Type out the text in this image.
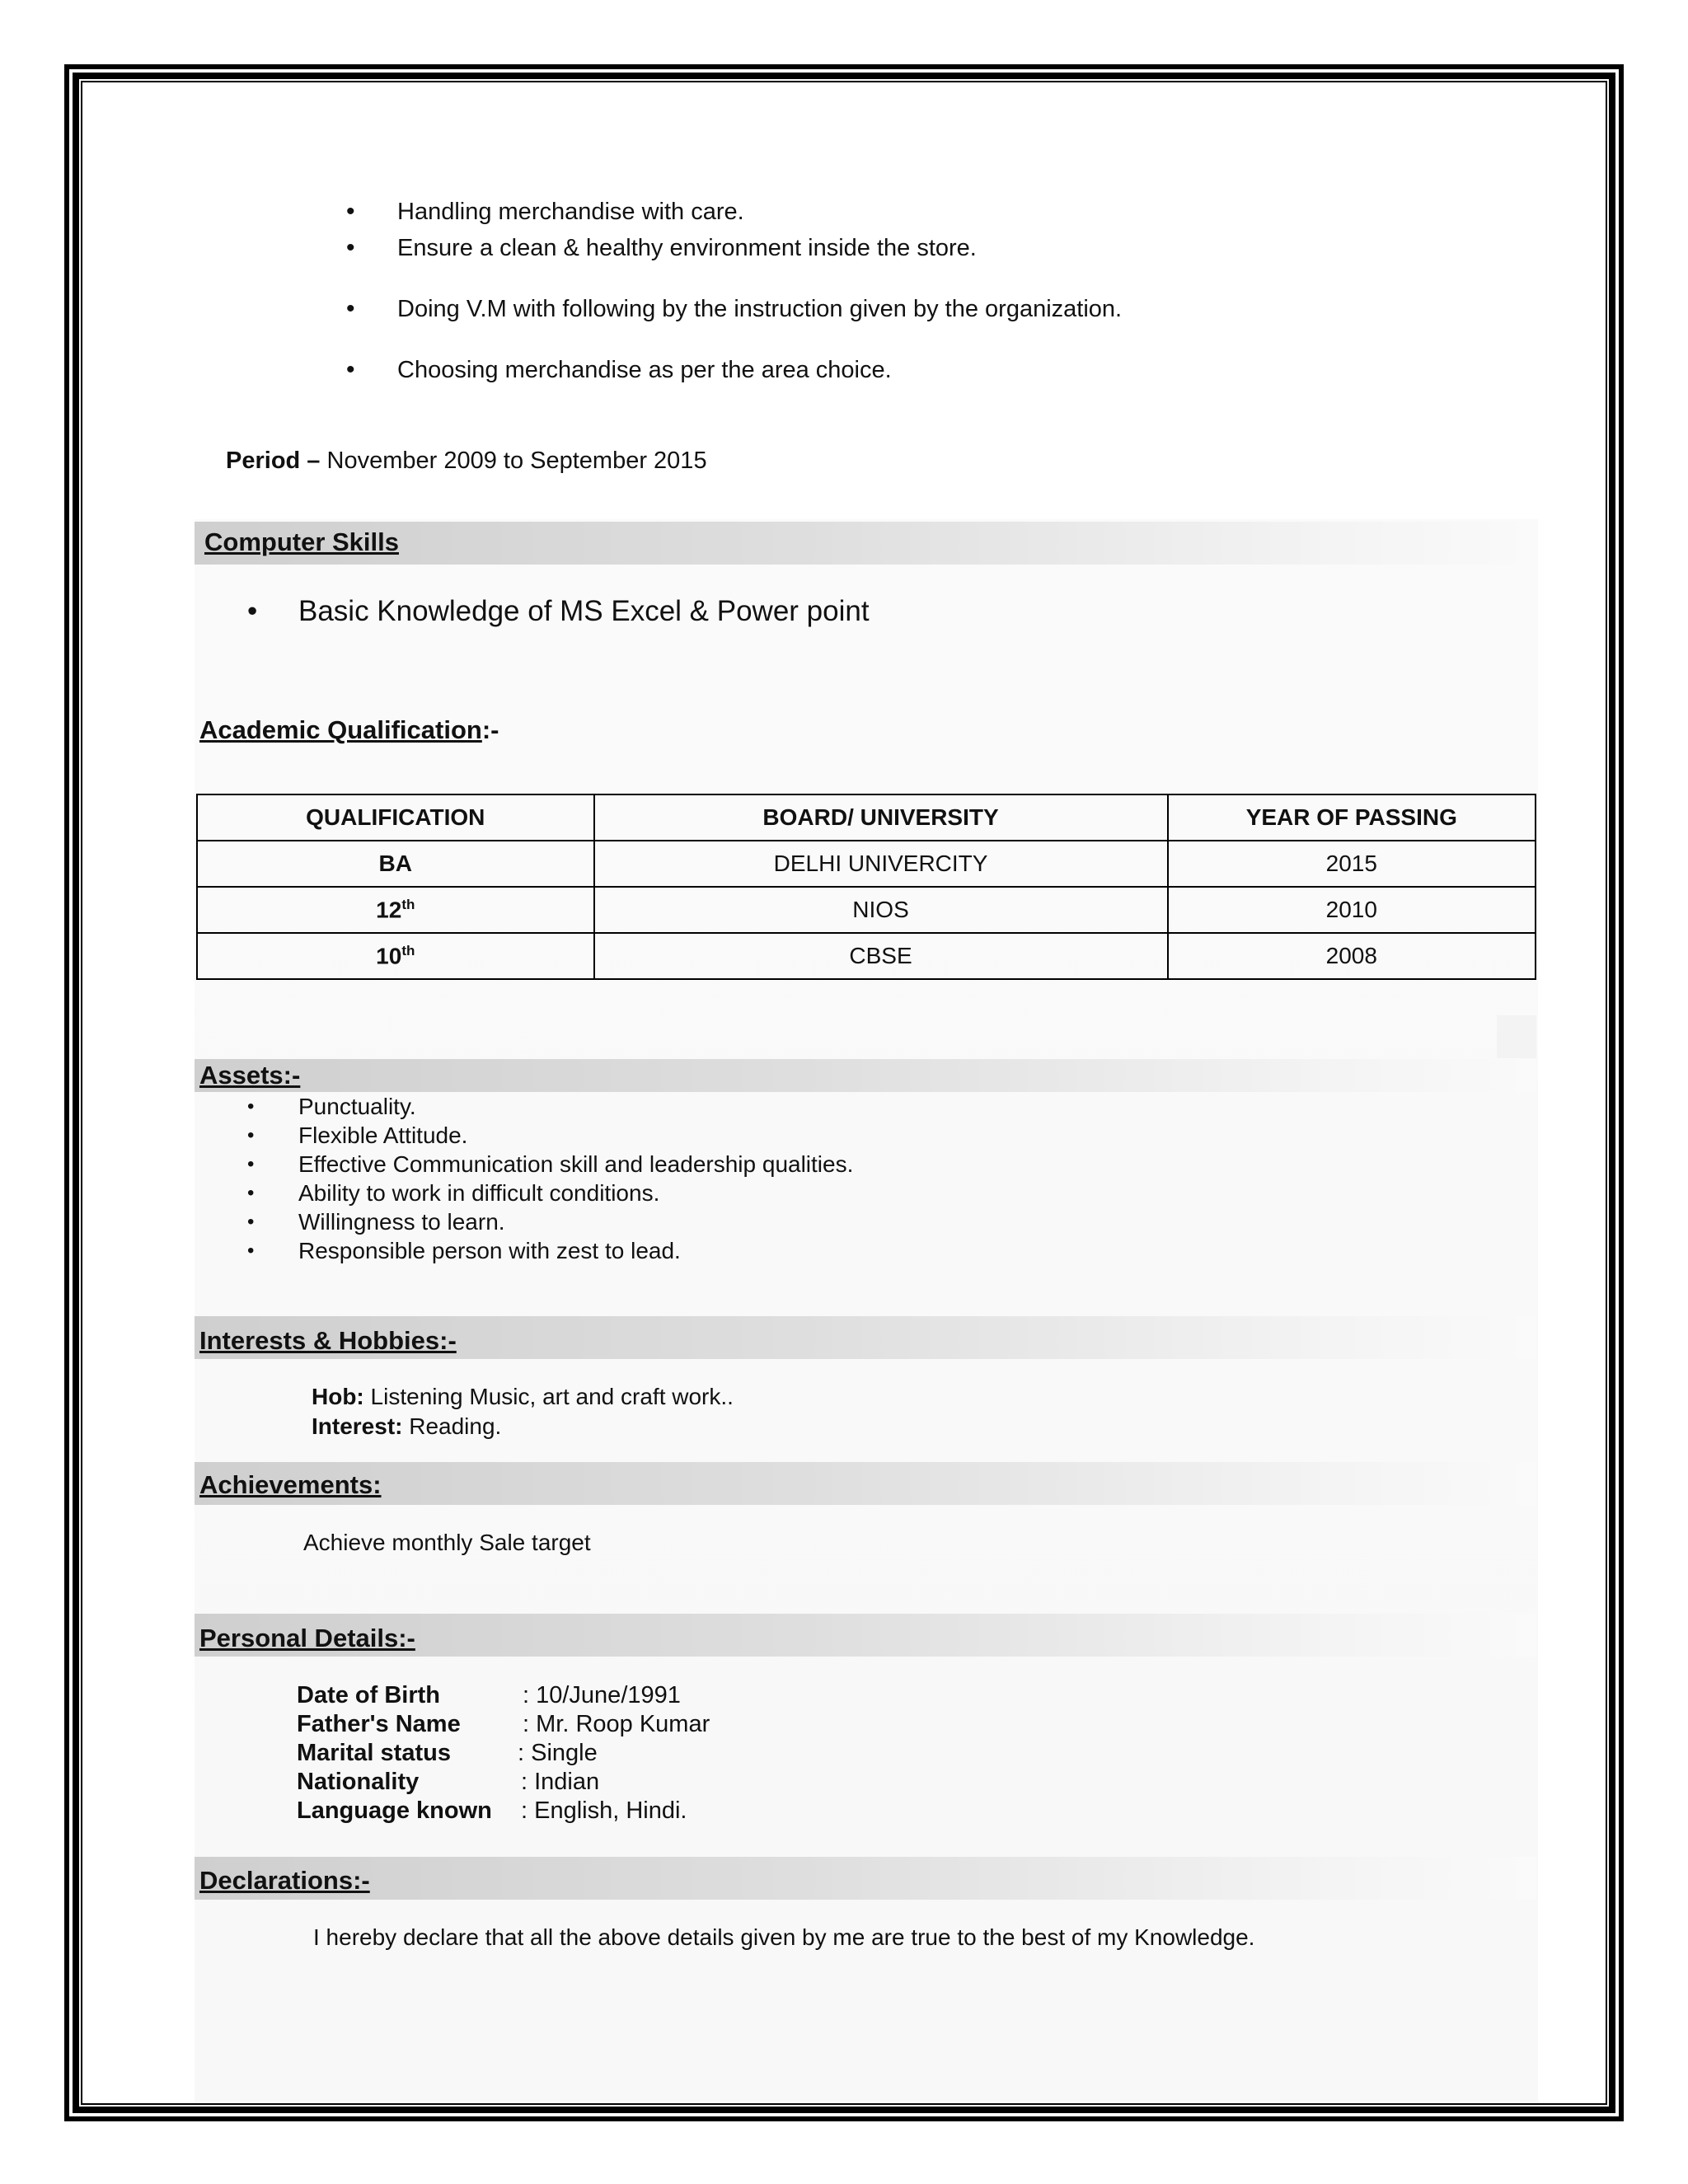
• Handling merchandise with care.
• Ensure a clean & healthy environment inside the store.
• Doing V.M with following by the instruction given by the organization.
• Choosing merchandise as per the area choice.
Period – November 2009 to September 2015
Computer Skills
• Basic Knowledge of MS Excel & Power point
Academic Qualification:-
QUALIFICATION	BOARD/ UNIVERSITY	YEAR OF PASSING
BA	DELHI UNIVERCITY	2015
12th	NIOS	2010
10th	CBSE	2008
Assets:-
• Punctuality.
• Flexible Attitude.
• Effective Communication skill and leadership qualities.
• Ability to work in difficult conditions.
• Willingness to learn.
• Responsible person with zest to lead.
Interests & Hobbies:-
Hob: Listening Music, art and craft work..
Interest: Reading.
Achievements:
Achieve monthly Sale target
Personal Details:-
Date of Birth	: 10/June/1991
Father's Name	: Mr. Roop Kumar
Marital status	: Single
Nationality	: Indian
Language known : English, Hindi.
Declarations:-
I hereby declare that all the above details given by me are true to the best of my Knowledge.
